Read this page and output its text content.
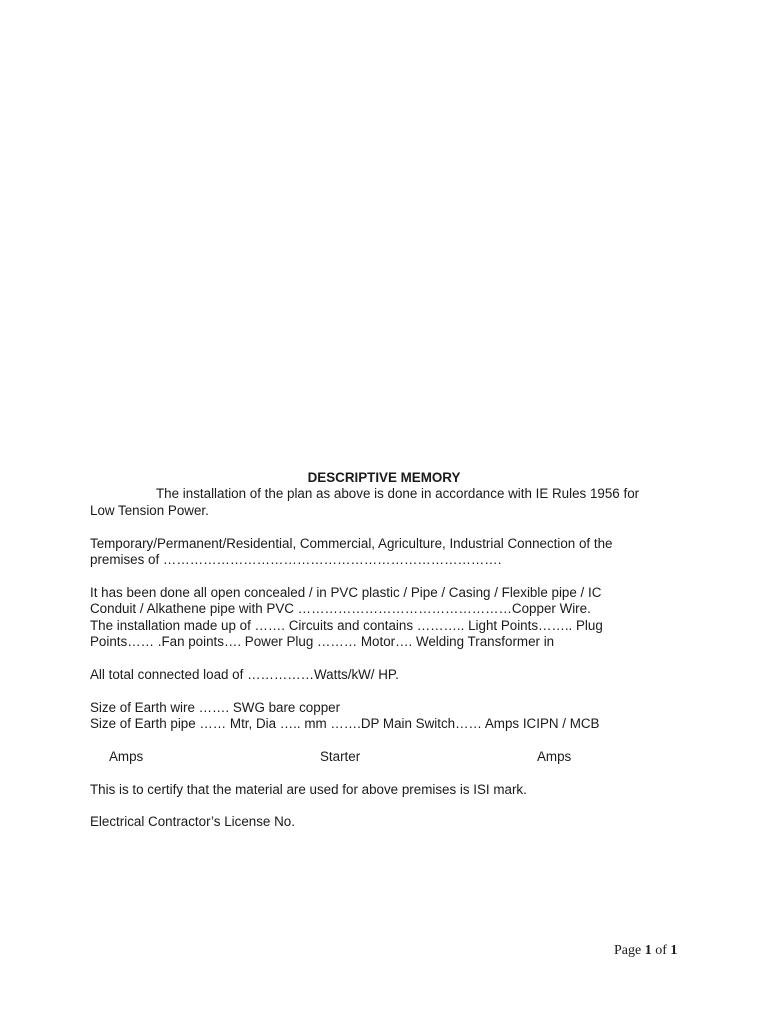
DESCRIPTIVE MEMORY

The installation of the plan as above is done in accordance with IE Rules 1956 for

Low Tension Power.

Temporary/Permanent/Residential, Commercial, Agriculture, Industrial Connection of the

premises of ………………………………………………………………….

It has been done all open concealed / in PVC plastic / Pipe / Casing / Flexible pipe / IC

Conduit / Alkathene pipe with PVC …………………………………………Copper Wire.

The installation made up of ……. Circuits and contains ……….. Light Points…….. Plug

Points…… .Fan points…. Power Plug ……… Motor…. Welding Transformer in

All total connected load of ……………Watts/kW/ HP.

Size of Earth wire ……. SWG bare copper

Size of Earth pipe …… Mtr, Dia ….. mm …….DP Main Switch…… Amps ICIPN / MCB

Amps	Starter	Amps

This is to certify that the material are used for above premises is ISI mark.

Electrical Contractor’s License No.

Page 1 of 1
